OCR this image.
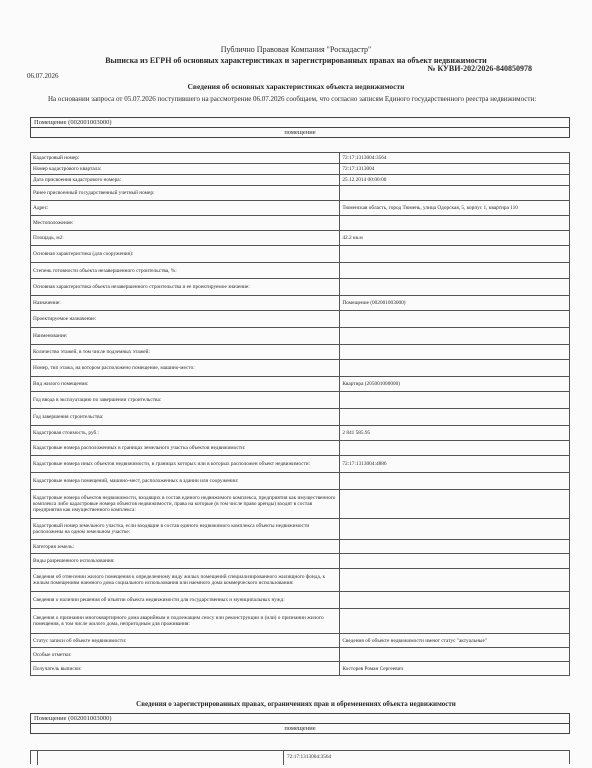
Публично Правовая Компания "Роскадастр"
Выписка из ЕГРН об основных характеристиках и зарегистрированных правах на объект недвижимости
№ КУВИ-202/2026-840850978
06.07.2026
Сведения об основных характеристиках объекта недвижимости
На основании запроса от 05.07.2026 поступившего на рассмотрение 06.07.2026 сообщаем, что согласно записям Единого государственного реестра недвижимости:
Помещение (002001003000)
помещение
Кадастровый номер:	72:17:1313004:3564
Номер кадастрового квартала:	72:17:1313004
Дата присвоения кадастрового номера:	25.12.2014 00:00:00
Ранее присвоенный государственный учетный номер:	
Адрес:	Тюменская область, город Тюмень, улица Одорская, 5, корпус 1, квартира 110
Местоположение:	
Площадь, м2:	42.2 кв.м
Основная характеристика (для сооружения):	
Степень готовности объекта незавершенного строительства, %:	
Основная характеристика объекта незавершенного строительства и ее проектируемое значение:	
Назначение:	Помещение (002001003000)
Проектируемое назначение:	
Наименование:	
Количество этажей, в том числе подземных этажей:	
Номер, тип этажа, на котором расположено помещение, машино-место:	
Вид жилого помещения:	Квартира (205001000000)
Год ввода в эксплуатацию по завершении строительства:	
Год завершения строительства:	
Кадастровая стоимость, руб.:	2 841 585.95
Кадастровые номера расположенных в границах земельного участка объектов недвижимости:	
Кадастровые номера иных объектов недвижимости, в границах которых или в которых расположен объект недвижимости:	72:17:1313004:4886
Кадастровые номера помещений, машино-мест, расположенных в здании или сооружении:	
Кадастровые номера объектов недвижимости, входящих в состав единого недвижимого комплекса, предприятия как имущественного комплекса либо кадастровые номера объектов недвижимости, права на которые (в том числе право аренды) входят в состав предприятия как имущественного комплекса:	
Кадастровый номер земельного участка, если входящие в состав единого недвижимого комплекса объекты недвижимости расположены на одном земельном участке:	
Категория земель:	
Виды разрешенного использования:	
Сведения об отнесении жилого помещения к определенному виду жилых помещений специализированного жилищного фонда, к жилым помещениям наемного дома социального использования или наемного дома коммерческого использования:	
Сведения о наличии решения об изъятии объекта недвижимости для государственных и муниципальных нужд:	
Сведения о признании многоквартирного дома аварийным и подлежащим сносу или реконструкции и (или) о признании жилого помещения, в том числе жилого дома, непригодным для проживания:	
Статус записи об объекте недвижимости:	Сведения об объекте недвижимости имеют статус "актуальные"
Особые отметки:	
Получатель выписки:	Косторев Роман Сергеевич
Сведения о зарегистрированных правах, ограничениях прав и обременениях объекта недвижимости
Помещение (002001003000)
помещение
72:17:1313004:3564
